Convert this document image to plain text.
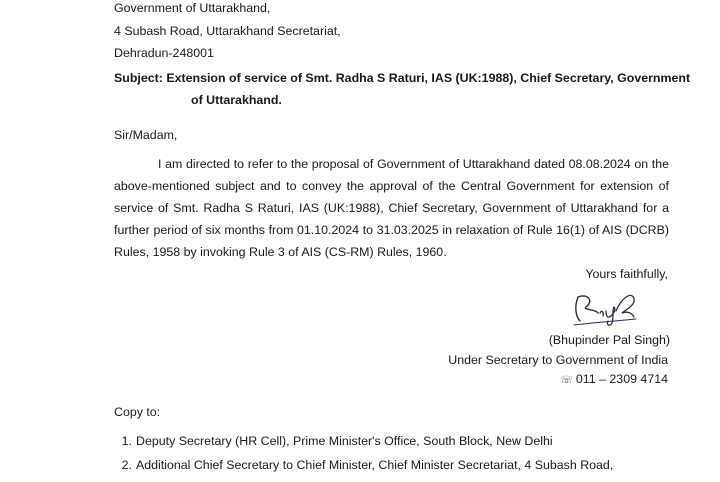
Government of Uttarakhand,
4 Subash Road, Uttarakhand Secretariat,
Dehradun-248001
Subject: Extension of service of Smt. Radha S Raturi, IAS (UK:1988), Chief Secretary, Government
of Uttarakhand.
Sir/Madam,
I am directed to refer to the proposal of Government of Uttarakhand dated 08.08.2024 on the above-mentioned subject and to convey the approval of the Central Government for extension of service of Smt. Radha S Raturi, IAS (UK:1988), Chief Secretary, Government of Uttarakhand for a further period of six months from 01.10.2024 to 31.03.2025 in relaxation of Rule 16(1) of AIS (DCRB) Rules, 1958 by invoking Rule 3 of AIS (CS-RM) Rules, 1960.
Yours faithfully,
(Bhupinder Pal Singh)
Under Secretary to Government of India
☏ 011 – 2309 4714
Copy to:
1. Deputy Secretary (HR Cell), Prime Minister's Office, South Block, New Delhi
2. Additional Chief Secretary to Chief Minister, Chief Minister Secretariat, 4 Subash Road,
